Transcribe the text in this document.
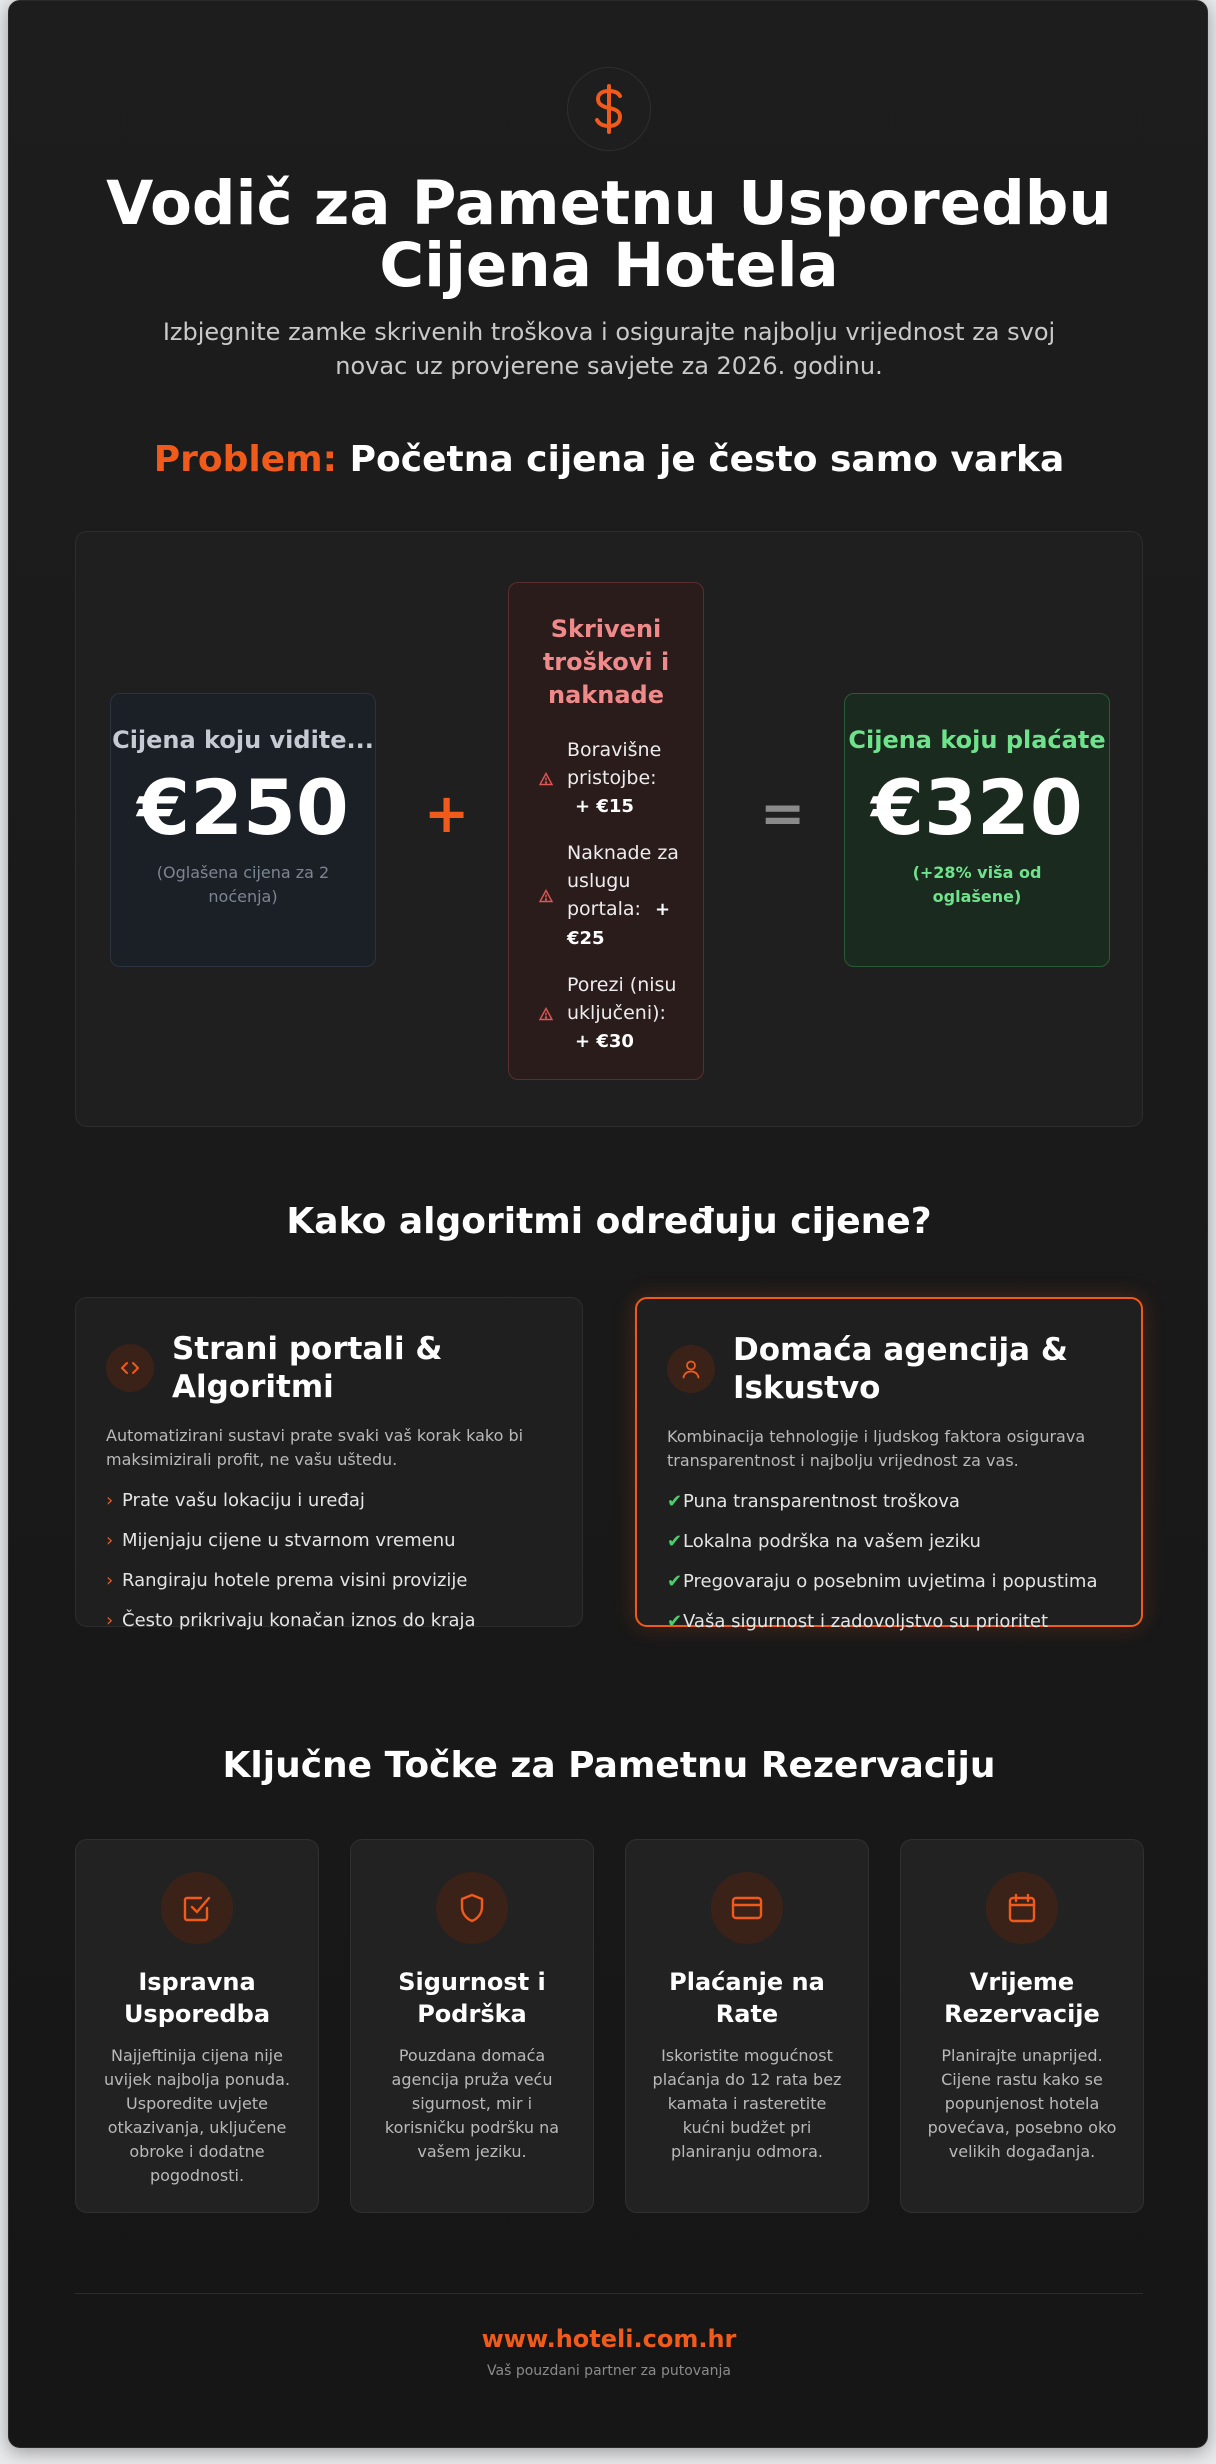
Vodič za Pametnu Usporedbu
Cijena Hotela
Izbjegnite zamke skrivenih troškova i osigurajte najbolju vrijednost za svoj novac uz provjerene savjete za 2026. godinu.
Problem: Početna cijena je često samo varka
Cijena koju vidite...
€250
(Oglašena cijena za 2 noćenja)
+
Skriveni troškovi i naknade
Boravišne pristojbe:
+ €15
Naknade za uslugu portala: + €25
Porezi (nisu uključeni):
+ €30
=
Cijena koju plaćate
€320
(+28% viša od oglašene)
Kako algoritmi određuju cijene?
Strani portali & Algoritmi
Automatizirani sustavi prate svaki vaš korak kako bi maksimizirali profit, ne vašu uštedu.
› Prate vašu lokaciju i uređaj
› Mijenjaju cijene u stvarnom vremenu
› Rangiraju hotele prema visini provizije
› Često prikrivaju konačan iznos do kraja
Domaća agencija & Iskustvo
Kombinacija tehnologije i ljudskog faktora osigurava transparentnost i najbolju vrijednost za vas.
✔ Puna transparentnost troškova
✔ Lokalna podrška na vašem jeziku
✔ Pregovaraju o posebnim uvjetima i popustima
✔ Vaša sigurnost i zadovoljstvo su prioritet
Ključne Točke za Pametnu Rezervaciju
Ispravna Usporedba
Najjeftinija cijena nije uvijek najbolja ponuda. Usporedite uvjete otkazivanja, uključene obroke i dodatne pogodnosti.
Sigurnost i Podrška
Pouzdana domaća agencija pruža veću sigurnost, mir i korisničku podršku na vašem jeziku.
Plaćanje na Rate
Iskoristite mogućnost plaćanja do 12 rata bez kamata i rasteretite kućni budžet pri planiranju odmora.
Vrijeme Rezervacije
Planirajte unaprijed. Cijene rastu kako se popunjenost hotela povećava, posebno oko velikih događanja.
www.hoteli.com.hr
Vaš pouzdani partner za putovanja
